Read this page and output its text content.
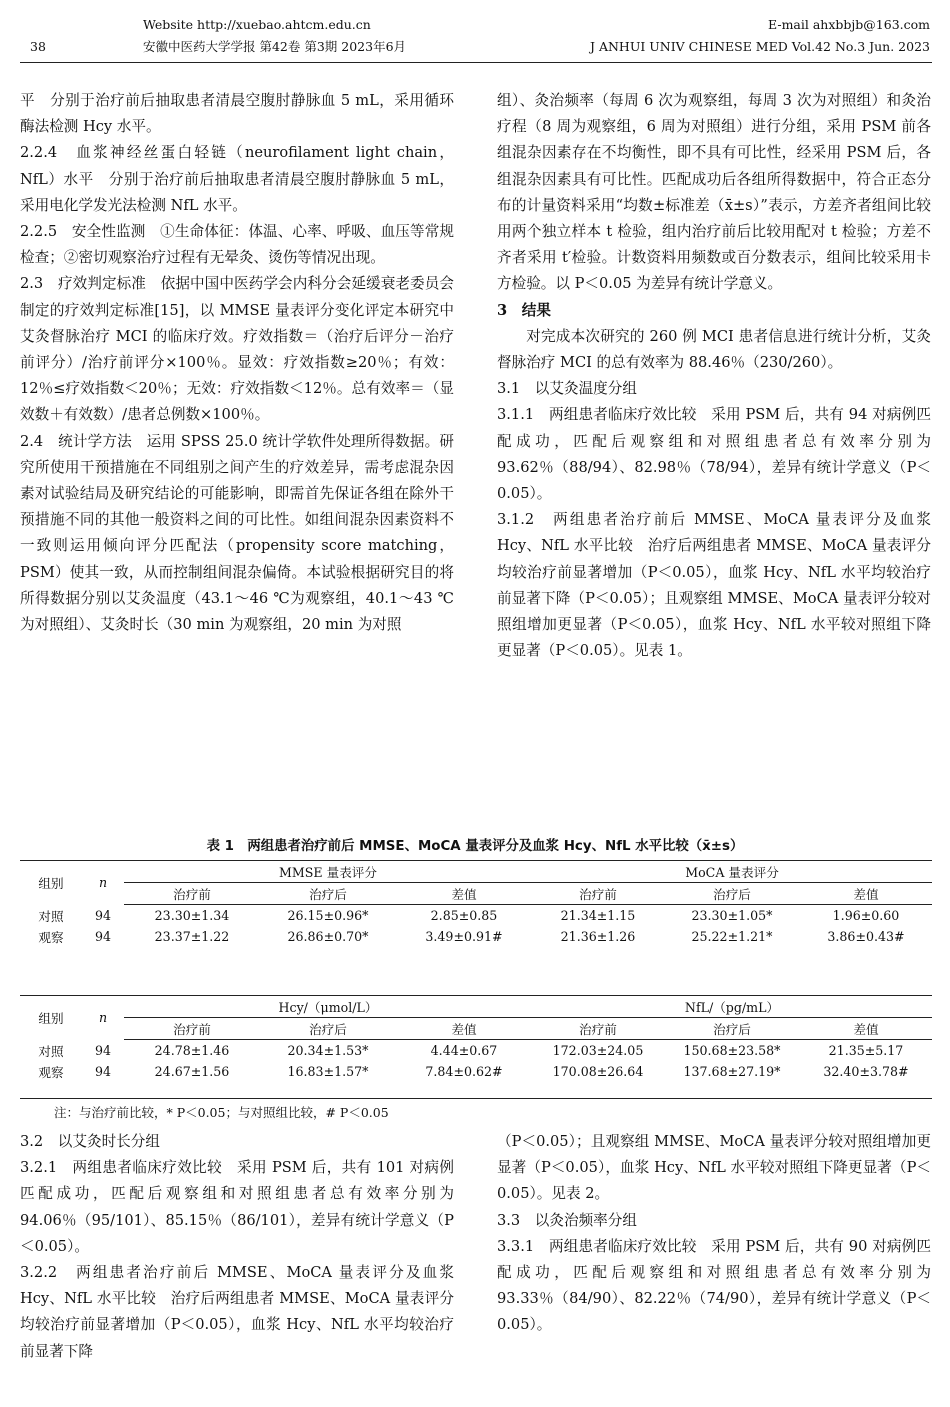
Website http://xuebao.ahtcm.edu.cn	E-mail ahxbbjb@163.com
38	安徽中医药大学学报 第42卷 第3期 2023年6月	J ANHUI UNIV CHINESE MED Vol.42 No.3 Jun. 2023

平　分别于治疗前后抽取患者清晨空腹肘静脉血 5 mL，采用循环酶法检测 Hcy 水平。

2.2.4　血浆神经丝蛋白轻链（neurofilament light chain，NfL）水平　分别于治疗前后抽取患者清晨空腹肘静脉血 5 mL，采用电化学发光法检测 NfL 水平。

2.2.5　安全性监测　①生命体征：体温、心率、呼吸、血压等常规检查；②密切观察治疗过程有无晕灸、烫伤等情况出现。

2.3　疗效判定标准　依据中国中医药学会内科分会延缓衰老委员会制定的疗效判定标准[15]，以 MMSE 量表评分变化评定本研究中艾灸督脉治疗 MCI 的临床疗效。疗效指数＝（治疗后评分－治疗前评分）/治疗前评分×100％。显效：疗效指数≥20％；有效：12％≤疗效指数＜20％；无效：疗效指数＜12％。总有效率＝（显效数＋有效数）/患者总例数×100％。

2.4　统计学方法　运用 SPSS 25.0 统计学软件处理所得数据。研究所使用干预措施在不同组别之间产生的疗效差异，需考虑混杂因素对试验结局及研究结论的可能影响，即需首先保证各组在除外干预措施不同的其他一般资料之间的可比性。如组间混杂因素资料不一致则运用倾向评分匹配法（propensity score matching，PSM）使其一致，从而控制组间混杂偏倚。本试验根据研究目的将所得数据分别以艾灸温度（43.1～46 ℃为观察组，40.1～43 ℃为对照组）、艾灸时长（30 min 为观察组，20 min 为对照

组）、灸治频率（每周 6 次为观察组，每周 3 次为对照组）和灸治疗程（8 周为观察组，6 周为对照组）进行分组，采用 PSM 前各组混杂因素存在不均衡性，即不具有可比性，经采用 PSM 后，各组混杂因素具有可比性。匹配成功后各组所得数据中，符合正态分布的计量资料采用“均数±标准差（x̄±s）”表示，方差齐者组间比较用两个独立样本 t 检验，组内治疗前后比较用配对 t 检验；方差不齐者采用 t′检验。计数资料用频数或百分数表示，组间比较采用卡方检验。以 P＜0.05 为差异有统计学意义。

3　结果

对完成本次研究的 260 例 MCI 患者信息进行统计分析，艾灸督脉治疗 MCI 的总有效率为 88.46％（230/260）。

3.1　以艾灸温度分组

3.1.1　两组患者临床疗效比较　采用 PSM 后，共有 94 对病例匹配成功，匹配后观察组和对照组患者总有效率分别为 93.62％（88/94）、82.98％（78/94），差异有统计学意义（P＜0.05）。

3.1.2　两组患者治疗前后 MMSE、MoCA 量表评分及血浆 Hcy、NfL 水平比较　治疗后两组患者 MMSE、MoCA 量表评分均较治疗前显著增加（P＜0.05），血浆 Hcy、NfL 水平均较治疗前显著下降（P＜0.05）；且观察组 MMSE、MoCA 量表评分较对照组增加更显著（P＜0.05），血浆 Hcy、NfL 水平较对照组下降更显著（P＜0.05）。见表 1。

表 1　两组患者治疗前后 MMSE、MoCA 量表评分及血浆 Hcy、NfL 水平比较（x̄±s）
组别	n	MMSE 量表评分			MoCA 量表评分		
		治疗前	治疗后	差值	治疗前	治疗后	差值
对照	94	23.30±1.34	26.15±0.96*	2.85±0.85	21.34±1.15	23.30±1.05*	1.96±0.60
观察	94	23.37±1.22	26.86±0.70*	3.49±0.91#	21.36±1.26	25.22±1.21*	3.86±0.43#
组别	n	Hcy/（μmol/L）			NfL/（pg/mL）		
		治疗前	治疗后	差值	治疗前	治疗后	差值
对照	94	24.78±1.46	20.34±1.53*	4.44±0.67	172.03±24.05	150.68±23.58*	21.35±5.17
观察	94	24.67±1.56	16.83±1.57*	7.84±0.62#	170.08±26.64	137.68±27.19*	32.40±3.78#
注：与治疗前比较，* P＜0.05；与对照组比较，# P＜0.05

3.2　以艾灸时长分组

3.2.1　两组患者临床疗效比较　采用 PSM 后，共有 101 对病例匹配成功，匹配后观察组和对照组患者总有效率分别为 94.06％（95/101）、85.15％（86/101），差异有统计学意义（P＜0.05）。

3.2.2　两组患者治疗前后 MMSE、MoCA 量表评分及血浆 Hcy、NfL 水平比较　治疗后两组患者 MMSE、MoCA 量表评分均较治疗前显著增加（P＜0.05），血浆 Hcy、NfL 水平均较治疗前显著下降

（P＜0.05）；且观察组 MMSE、MoCA 量表评分较对照组增加更显著（P＜0.05），血浆 Hcy、NfL 水平较对照组下降更显著（P＜0.05）。见表 2。

3.3　以灸治频率分组

3.3.1　两组患者临床疗效比较　采用 PSM 后，共有 90 对病例匹配成功，匹配后观察组和对照组患者总有效率分别为 93.33％（84/90）、82.22％（74/90），差异有统计学意义（P＜0.05）。
